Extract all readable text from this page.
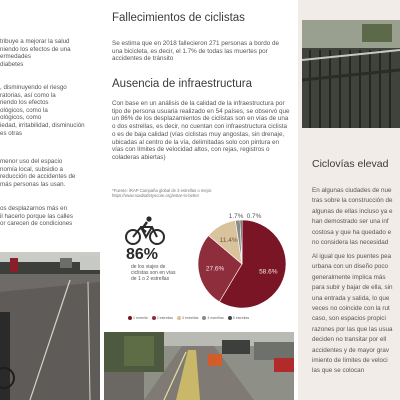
tribuye a mejorar la salud
niendo los efectos de una
ermedades
diabetes
, disminuyendo el riesgo
ratorias, así como la
riendo los efectos
ológicos, como la
ológicos, como
iedad, irritabilidad, disminución
es otras
menor uso del espacio
nomía local, subsidio a
reducción de accidentes de
más personas las usan.
os desplazarnos más en
il hacerlo porque las calles
or carecen de condiciones
Fallecimientos de ciclistas

Se estima que en 2018 fallecieron 271 personas a bordo de una bicicleta, es decir, el 1.7% de todas las muertes por accidentes de tránsito

Ausencia de infraestructura

Con base en un análisis de la calidad de la infraestructura por tipo de persona usuaria realizado en 54 países, se observó que un 86% de los desplazamientos de ciclistas son en vías de una o dos estrellas, es decir, no cuentan con infraestructura ciclista o es de baja calidad (vías ciclistas muy angostas, sin drenaje, ubicadas al centro de la vía, delimitadas solo con pintura en vías con límites de velocidad altos, con rejas, registros o coladeras abiertas)

*Fuente: iRAP Campaña global de 3 estrellas o mejor. https://www.roadsafetyscore.org/estar-to-better

86%
de los viajes de ciclistas son en vías de 1 o 2 estrellas
58.6%
27.6%
11.4%
1.7% 0.7%
1 estrella	2 estrellas	3 estrellas	4 estrellas	5 estrellas
Ciclovías elevad
En algunas ciudades de nue
tras sobre la construcción de
algunas de ellas incluso ya e
han demostrado ser una inf
costosa y que ha quedado e
no considera las necesidad
Al igual que los puentes pea
urbana con un diseño poco
generalmente implica más
para subir y bajar de ella, sin
una entrada y salida, lo que
veces no coincide con la rut
caso, son espacios propici
razones por las que las usua
deciden no transitar por ell
accidentes y de mayor grav
imiento de límites de veloci
las que se colocan
